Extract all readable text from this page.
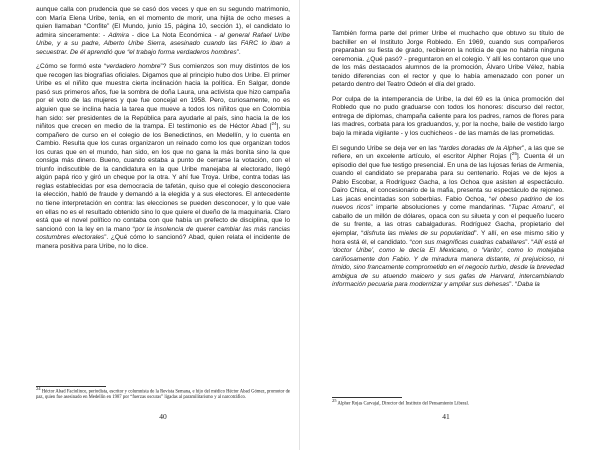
aunque calla con prudencia que se casó dos veces y que en su segundo matrimonio, con María Elena Uribe, tenía, en el momento de morir, una hijita de ocho meses a quien llamaban “Confite” (El Mundo, junio 15, página 10, sección 1), el candidato lo admira sinceramente: - Admira - dice La Nota Económica - al general Rafael Uribe Uribe, y a su padre, Alberto Uribe Sierra, asesinado cuando las FARC lo iban a secuestrar. De él aprendió que “el trabajo forma verdaderos hombres”.

¿Cómo se formó este “verdadero hombre”? Sus comienzos son muy distintos de los que recogen las biografías oficiales. Digamos que al principio hubo dos Uribe. El primer Uribe es el niñito que muestra cierta inclinación hacia la política. En Salgar, donde pasó sus primeros años, fue la sombra de doña Laura, una activista que hizo campaña por el voto de las mujeres y que fue concejal en 1958. Pero, curiosamente, no es alguien que se inclina hacia la tarea que mueve a todos los niñitos que en Colombia han sido: ser presidentes de la República para ayudarle al país, sino hacia la de los niñitos que crecen en medio de la trampa. El testimonio es de Héctor Abad [$^{24}$], su compañero de curso en el colegio de los Benedictinos, en Medellín, y lo cuenta en Cambio. Resulta que los curas organizaron un reinado como los que organizan todos los curas que en el mundo, han sido, en los que no gana la más bonita sino la que consiga más dinero. Bueno, cuando estaba a punto de cerrarse la votación, con el triunfo indiscutible de la candidatura en la que Uribe manejaba al electorado, llegó algún papá rico y giró un cheque por la otra. Y ahí fue Troya. Uribe, contra todas las reglas establecidas por esa democracia de tafetán, quiso que el colegio desconociera la elección, habló de fraude y demandó a la elegida y a sus electores. El antecedente no tiene interpretación en contra: las elecciones se pueden desconocer, y lo que vale en ellas no es el resultado obtenido sino lo que quiere el dueño de la maquinaria. Claro está que el novel político no contaba con que había un prefecto de disciplina, que lo sancionó con la ley en la mano “por la insolencia de querer cambiar las más rancias costumbres electorales”. ¿Qué cómo lo sancionó? Abad, quien relata el incidente de manera positiva para Uribe, no lo dice.

24 Héctor Abad Faciolince, periodista, escritor y columnista de la Revista Semana, e hijo del médico Héctor Abad Gómez, promotor de paz, quien fue asesinado en Medellín en 1987 por “fuerzas oscuras” ligadas al paramilitarismo y al narcotráfico.
40

También forma parte del primer Uribe el muchacho que obtuvo su título de bachiller en el Instituto Jorge Robledo. En 1969, cuando sus compañeros preparaban su fiesta de grado, recibieron la noticia de que no habría ninguna ceremonia. ¿Qué pasó? - preguntaron en el colegio. Y allí les contaron que uno de los más destacados alumnos de la promoción, Álvaro Uribe Vélez, había tenido diferencias con el rector y que lo había amenazado con poner un petardo dentro del Teatro Odeón el día del grado.

Por culpa de la intemperancia de Uribe, la del 69 es la única promoción del Robledo que no pudo graduarse con todos los honores: discurso del rector, entrega de diplomas, champaña caliente para los padres, ramos de flores para las madres, corbata para los graduandos, y, por la noche, baile de vestido largo bajo la mirada vigilante - y los cuchicheos - de las mamás de las prometidas.

El segundo Uribe se deja ver en las “tardes doradas de la Alpher”, a las que se refiere, en un excelente artículo, el escritor Alpher Rojas [$^{25}$]. Cuenta él un episodio del que fue testigo presencial. En una de las lujosas ferias de Armenia, cuando el candidato se preparaba para su centenario. Rojas ve de lejos a Pablo Escobar, a Rodríguez Gacha, a los Ochoa que asisten al espectáculo. Dairo Chica, el concesionario de la mafia, presenta su espectáculo de rejoneo. Las jacas encintadas son soberbias. Fabio Ochoa, “el obeso padrino de los nuevos ricos” imparte absoluciones y come mandarinas. “Tupac Amaru”, el caballo de un millón de dólares, opaca con su silueta y con el pequeño lucero de su frente, a las otras cabalgaduras. Rodríguez Gacha, propietario del ejemplar, “disfruta las mieles de su popularidad”. Y allí, en ese mismo sitio y hora está él, el candidato. “con sus magníficas cuadras caballares”. “Allí está el ‘doctor Uribe’, como le decía El Mexicano, o ‘Varito’, como lo motejaba cariñosamente don Fabio. Y de miradura manera distante, ni prejuicioso, ni tímido, sino francamente comprometido en el negocio turbio, desde la brevedad ambigua de su atuendo maicero y sus gafas de Harvard, intercambiando información pecuaria para modernizar y ampliar sus dehesas”. “Daba la

25 Alpher Rojas Carvajal, Director del Instituto del Pensamiento Liberal.
41
